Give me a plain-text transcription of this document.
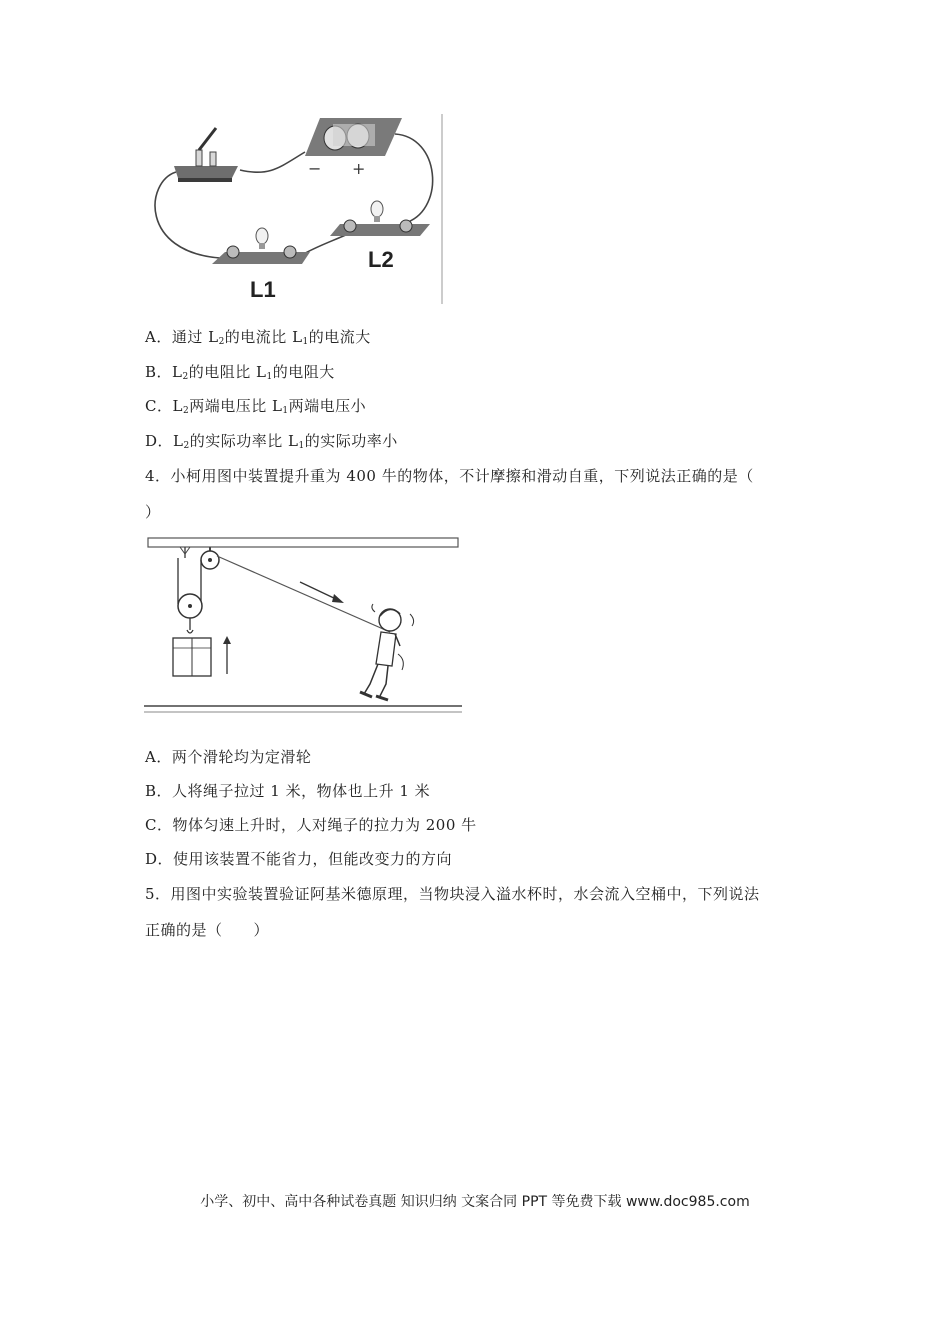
− +
L1
L2
A．通过 $L_2$的电流比 $L_1$的电流大
B．$L_2$的电阻比 $L_1$的电阻大
C．$L_2$两端电压比 $L_1$两端电压小
D．$L_2$的实际功率比 $L_1$的实际功率小
4．小柯用图中装置提升重为 400 牛的物体，不计摩擦和滑动自重，下列说法正确的是（
）
A．两个滑轮均为定滑轮
B．人将绳子拉过 1 米，物体也上升 1 米
C．物体匀速上升时，人对绳子的拉力为 200 牛
D．使用该装置不能省力，但能改变力的方向
5．用图中实验装置验证阿基米德原理，当物块浸入溢水杯时，水会流入空桶中，下列说法
正确的是（　　）
小学、初中、高中各种试卷真题 知识归纳 文案合同 PPT 等免费下载 www.doc985.com
